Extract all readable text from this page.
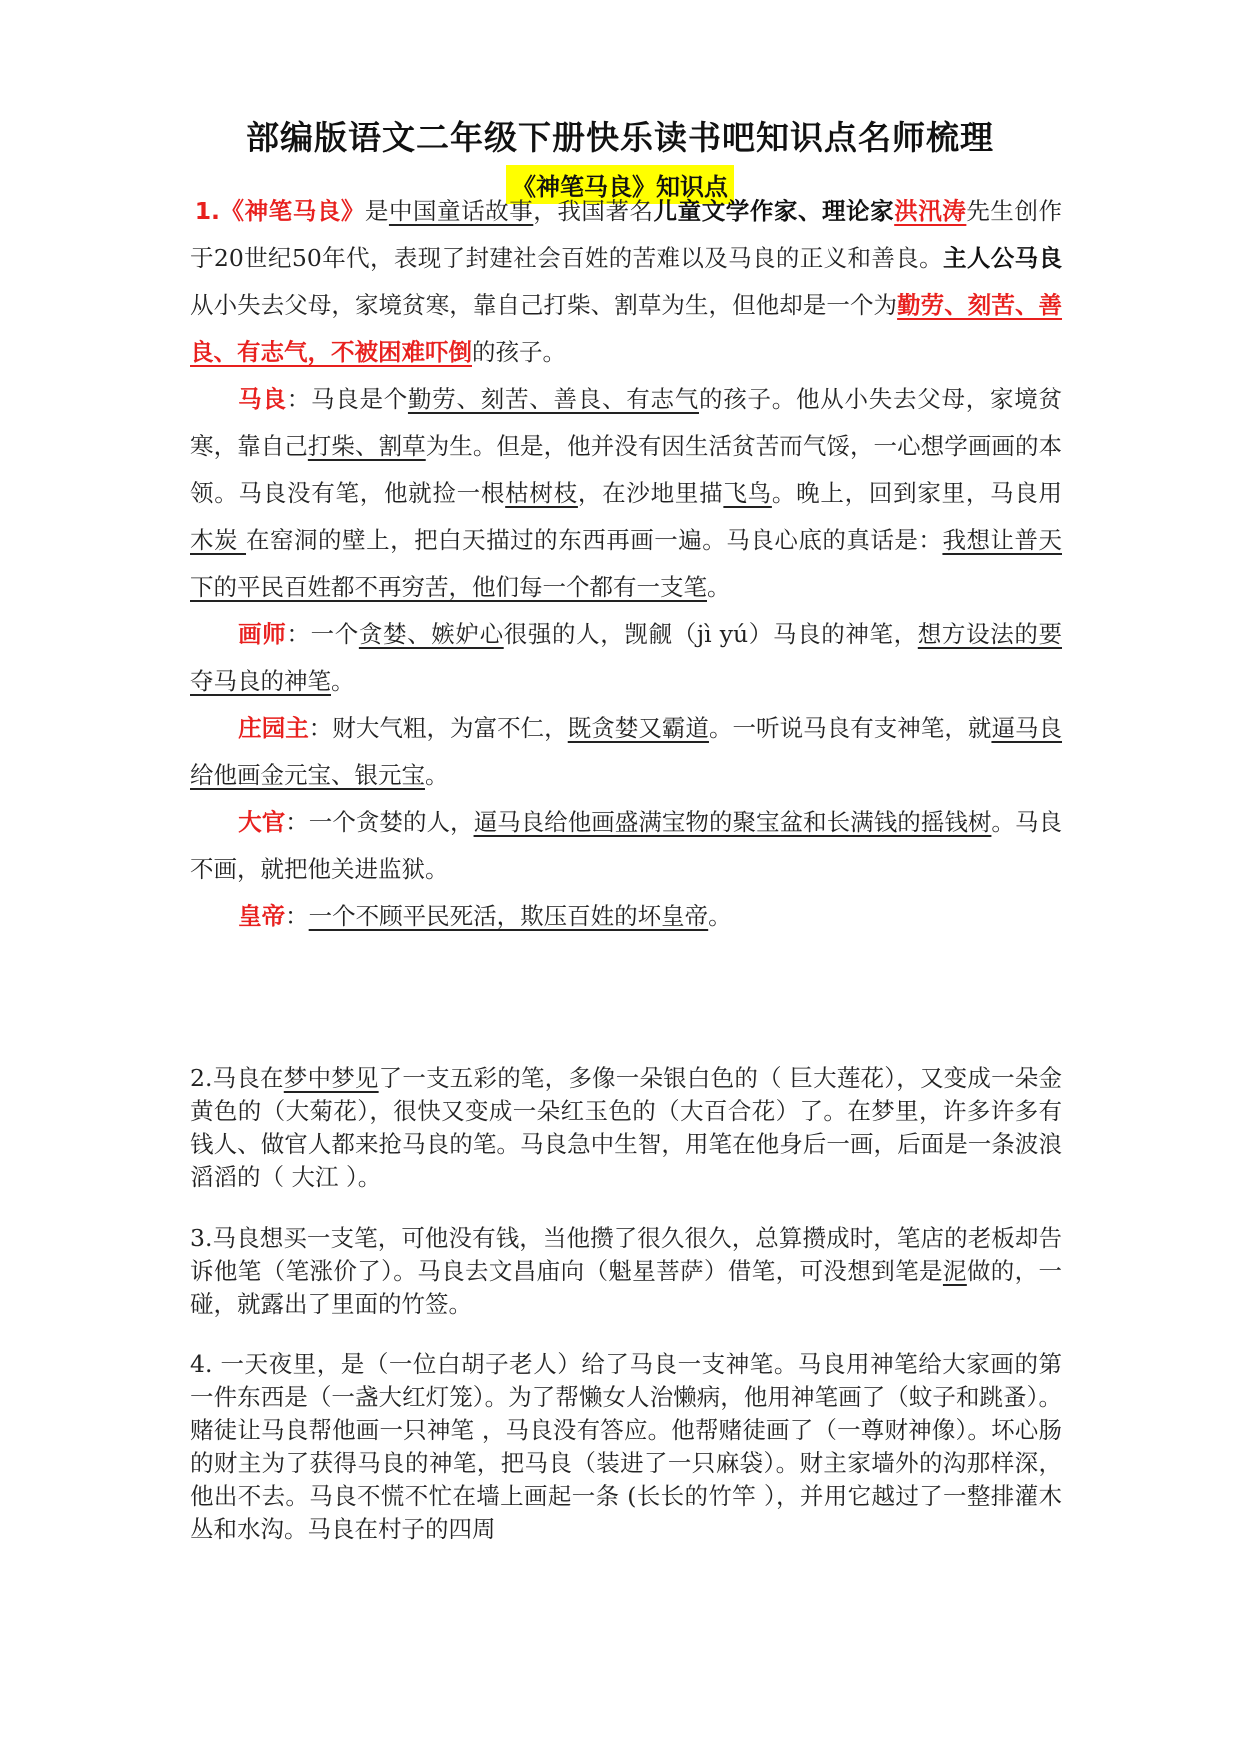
部编版语文二年级下册快乐读书吧知识点名师梳理
《神笔马良》知识点

1.《神笔马良》是中国童话故事，我国著名儿童文学作家、理论家洪汛涛先生创作于20世纪50年代，表现了封建社会百姓的苦难以及马良的正义和善良。主人公马良从小失去父母，家境贫寒，靠自己打柴、割草为生，但他却是一个为勤劳、刻苦、善良、有志气，不被困难吓倒的孩子。

马良：马良是个勤劳、刻苦、善良、有志气的孩子。他从小失去父母，家境贫寒，靠自己打柴、割草为生。但是，他并没有因生活贫苦而气馁，一心想学画画的本领。马良没有笔，他就捡一根枯树枝，在沙地里描飞鸟。晚上，回到家里，马良用 木炭 在窑洞的壁上，把白天描过的东西再画一遍。马良心底的真话是：我想让普天下的平民百姓都不再穷苦，他们每一个都有一支笔。

画师：一个贪婪、嫉妒心很强的人，觊觎（jì yú）马良的神笔，想方设法的要夺马良的神笔。

庄园主：财大气粗，为富不仁，既贪婪又霸道。一听说马良有支神笔，就逼马良给他画金元宝、银元宝。

大官：一个贪婪的人，逼马良给他画盛满宝物的聚宝盆和长满钱的摇钱树。马良不画，就把他关进监狱。

皇帝：一个不顾平民死活，欺压百姓的坏皇帝。

2.马良在梦中梦见了一支五彩的笔，多像一朵银白色的（ 巨大莲花），又变成一朵金黄色的（大菊花），很快又变成一朵红玉色的（大百合花）了。在梦里，许多许多有钱人、做官人都来抢马良的笔。马良急中生智，用笔在他身后一画，后面是一条波浪滔滔的（ 大江 ）。

3.马良想买一支笔，可他没有钱，当他攒了很久很久，总算攒成时，笔店的老板却告诉他笔（笔涨价了）。马良去文昌庙向（魁星菩萨）借笔，可没想到笔是泥做的，一碰，就露出了里面的竹签。

4. 一天夜里，是（一位白胡子老人）给了马良一支神笔。马良用神笔给大家画的第一件东西是（一盏大红灯笼）。为了帮懒女人治懒病，他用神笔画了（蚊子和跳蚤）。赌徒让马良帮他画一只神笔 ，马良没有答应。他帮赌徒画了（一尊财神像）。坏心肠的财主为了获得马良的神笔，把马良（装进了一只麻袋）。财主家墙外的沟那样深，他出不去。马良不慌不忙在墙上画起一条 (长长的竹竿 ），并用它越过了一整排灌木丛和水沟。马良在村子的四周
